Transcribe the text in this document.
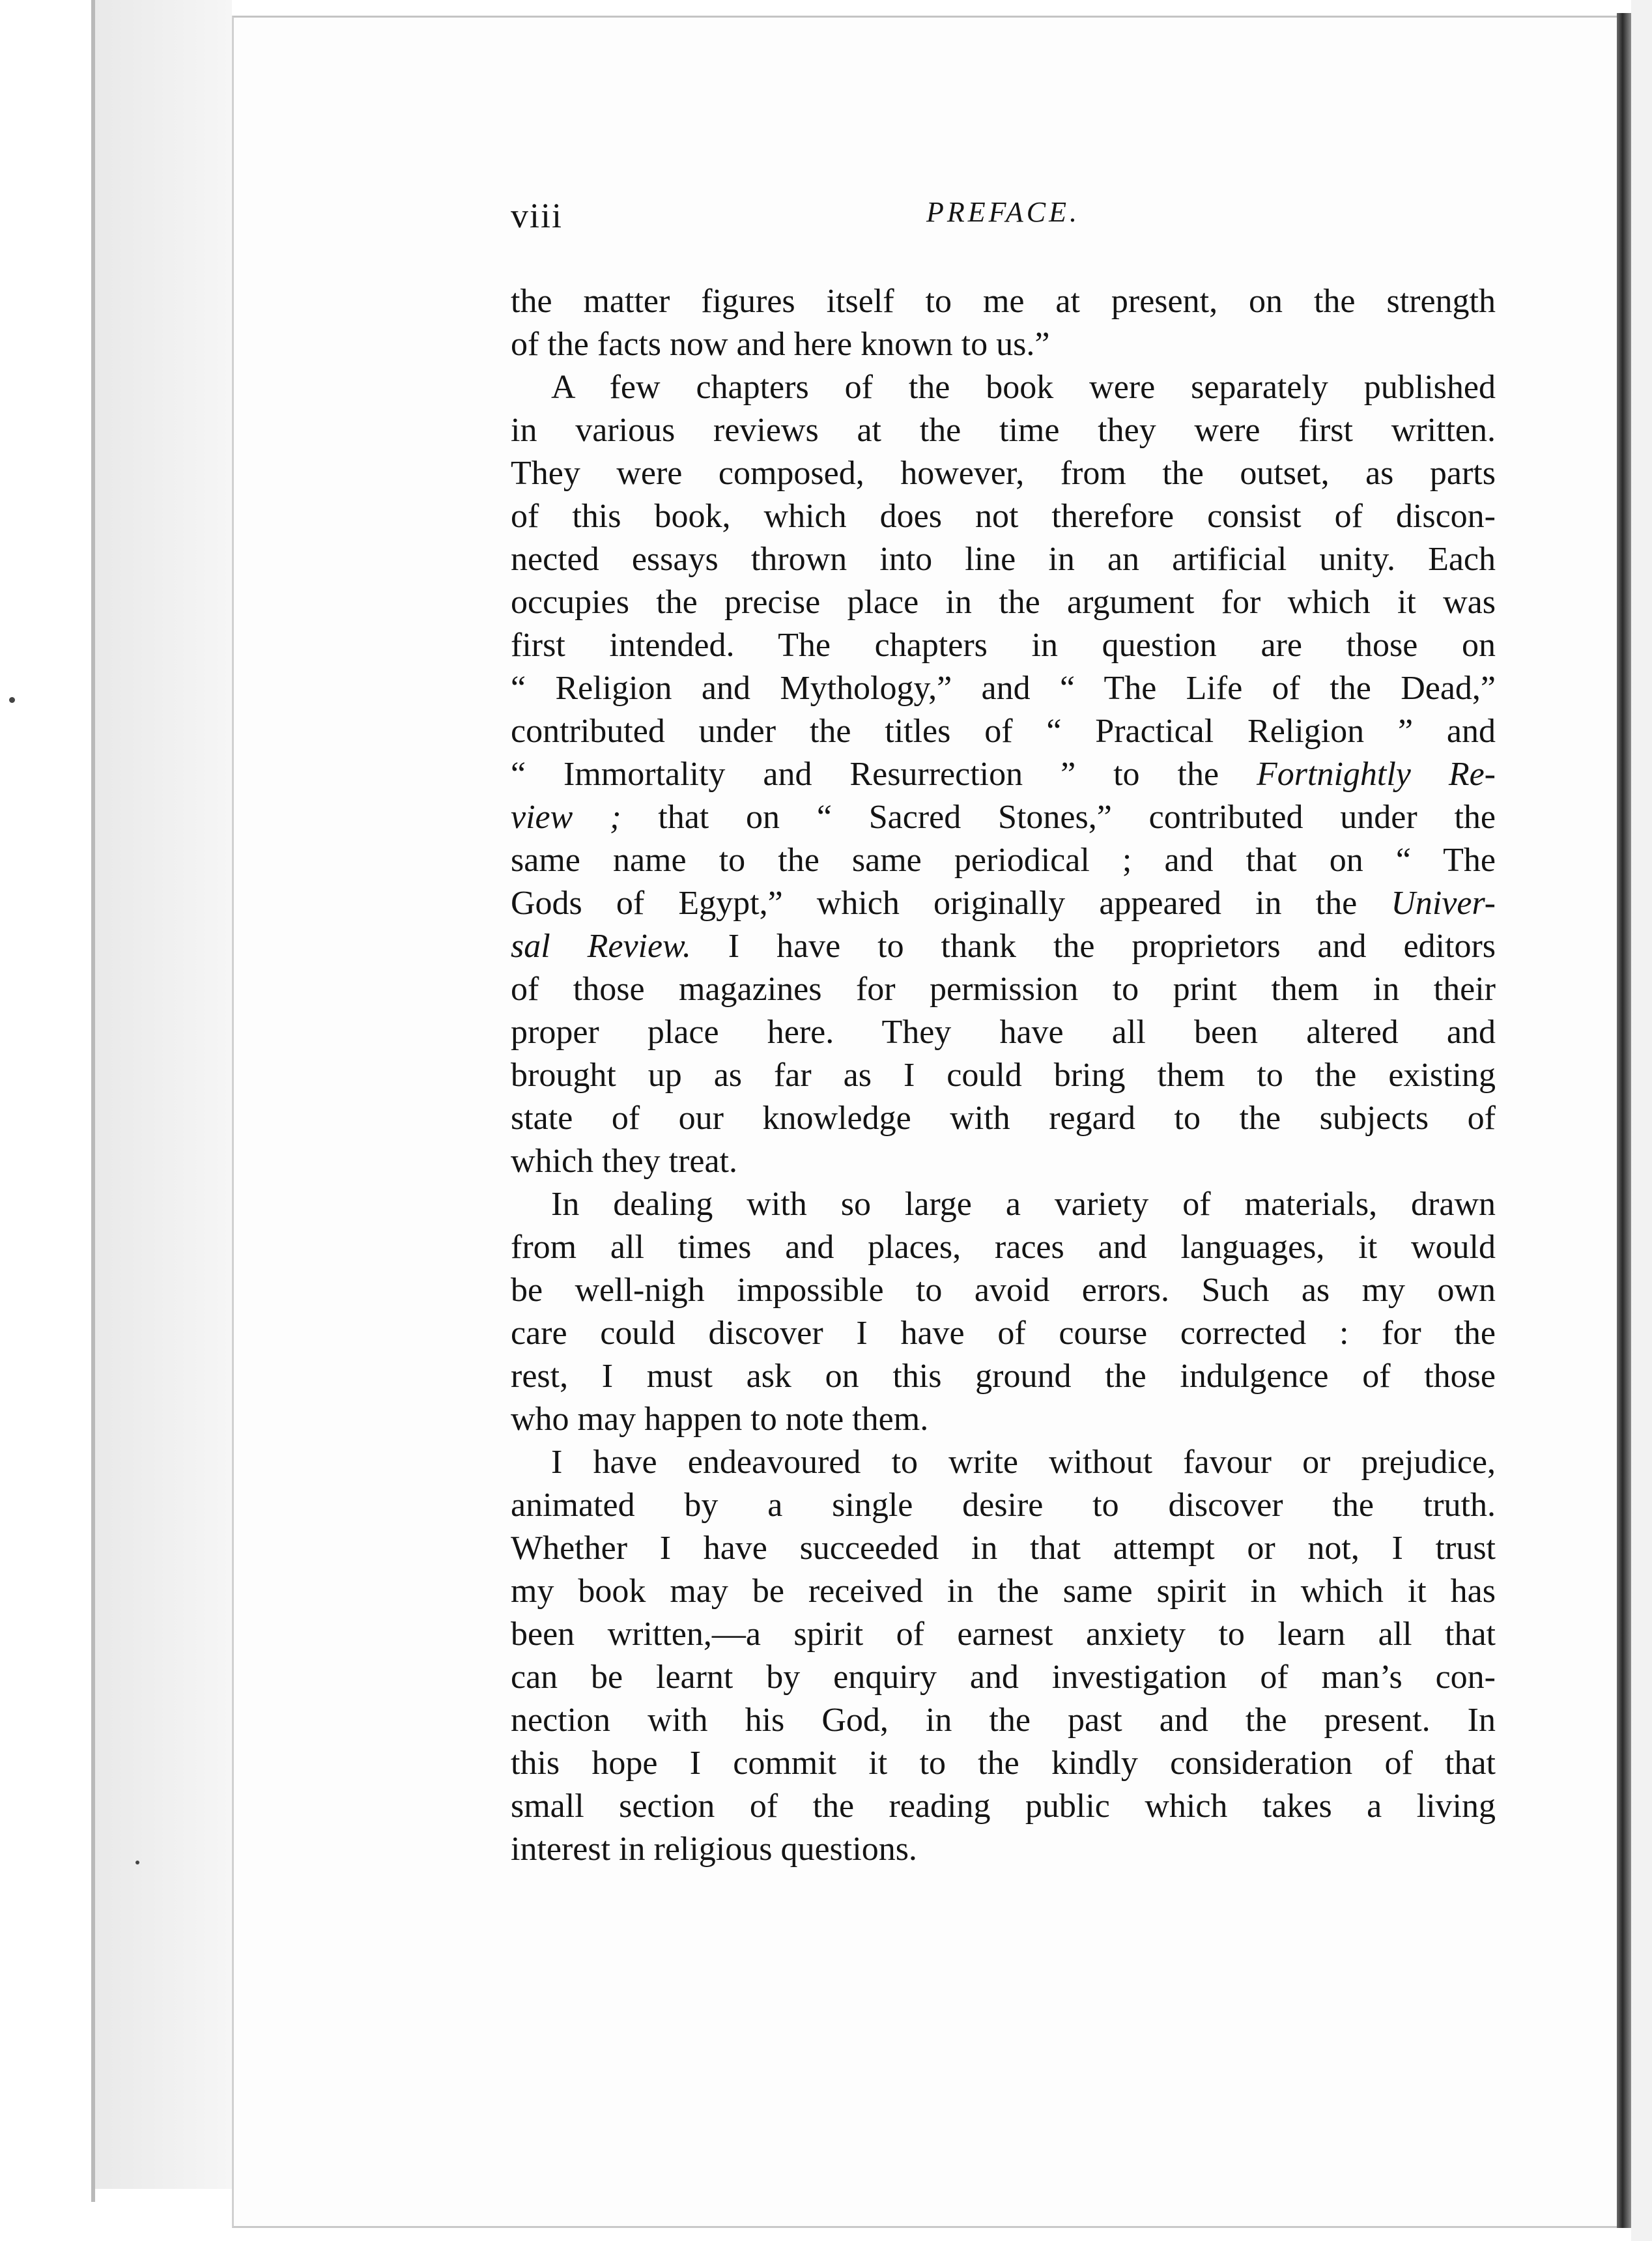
viii	PREFACE.
the matter figures itself to me at present, on the strength
of the facts now and here known to us.”
A few chapters of the book were separately published
in various reviews at the time they were first written.
They were composed, however, from the outset, as parts
of this book, which does not therefore consist of discon-
nected essays thrown into line in an artificial unity. Each
occupies the precise place in the argument for which it was
first intended. The chapters in question are those on
“ Religion and Mythology,” and “ The Life of the Dead,”
contributed under the titles of “ Practical Religion ” and
“ Immortality and Resurrection ” to the Fortnightly Re-
view ; that on “ Sacred Stones,” contributed under the
same name to the same periodical ; and that on “ The
Gods of Egypt,” which originally appeared in the Univer-
sal Review. I have to thank the proprietors and editors
of those magazines for permission to print them in their
proper place here. They have all been altered and
brought up as far as I could bring them to the existing
state of our knowledge with regard to the subjects of
which they treat.
In dealing with so large a variety of materials, drawn
from all times and places, races and languages, it would
be well-nigh impossible to avoid errors. Such as my own
care could discover I have of course corrected : for the
rest, I must ask on this ground the indulgence of those
who may happen to note them.
I have endeavoured to write without favour or prejudice,
animated by a single desire to discover the truth.
Whether I have succeeded in that attempt or not, I trust
my book may be received in the same spirit in which it has
been written,—a spirit of earnest anxiety to learn all that
can be learnt by enquiry and investigation of man’s con-
nection with his God, in the past and the present. In
this hope I commit it to the kindly consideration of that
small section of the reading public which takes a living
interest in religious questions.
